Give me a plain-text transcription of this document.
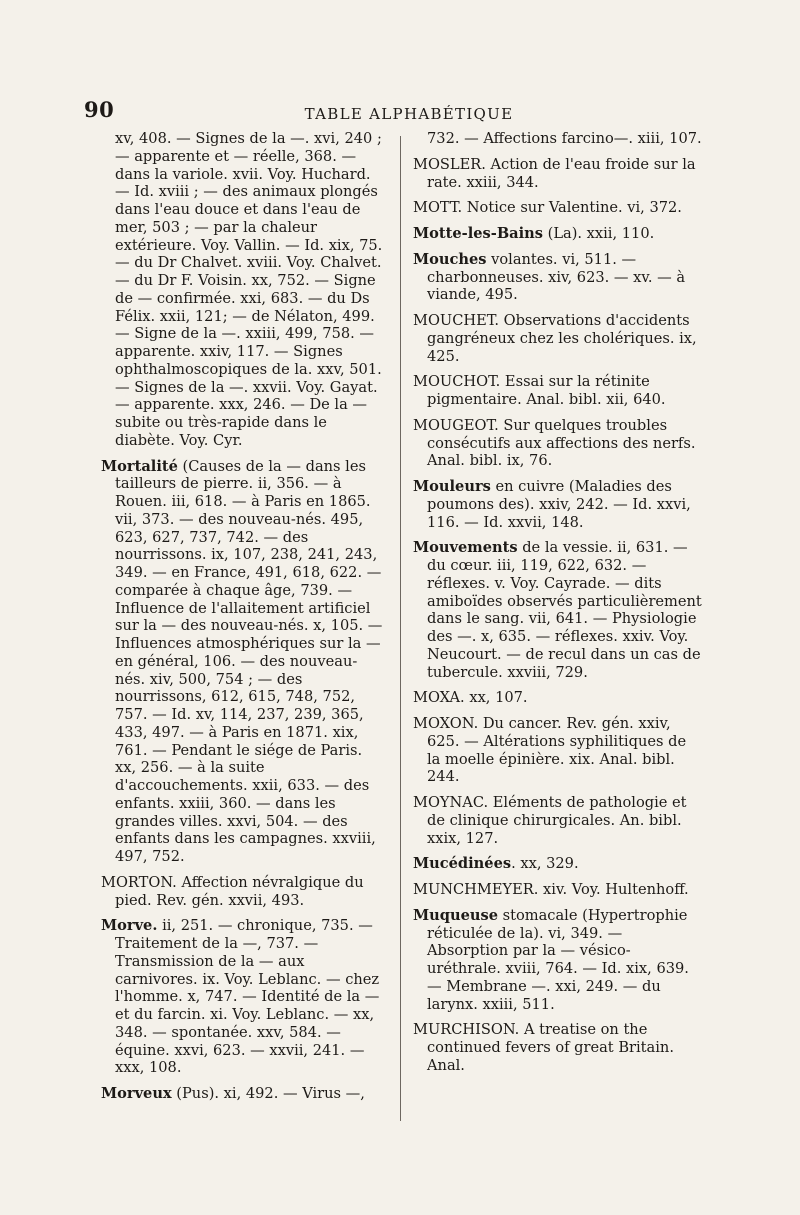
90	TABLE ALPHABÉTIQUE
xv, 408. — Signes de la —. xvi, 240 ; — apparente et — réelle, 368. — dans la variole. xvii. Voy. Huchard. — Id. xviii ; — des animaux plongés dans l'eau douce et dans l'eau de mer, 503 ; — par la chaleur extérieure. Voy. Vallin. — Id. xix, 75. — du Dr Chalvet. xviii. Voy. Chalvet. — du Dr F. Voisin. xx, 752. — Signe de — confirmée. xxi, 683. — du Ds Félix. xxii, 121; — de Nélaton, 499. — Signe de la —. xxiii, 499, 758. — apparente. xxiv, 117. — Signes ophthalmoscopiques de la. xxv, 501. — Signes de la —. xxvii. Voy. Gayat. — apparente. xxx, 246. — De la — subite ou très-rapide dans le diabète. Voy. Cyr.
Mortalité (Causes de la — dans les tailleurs de pierre. ii, 356. — à Rouen. iii, 618. — à Paris en 1865. vii, 373. — des nouveau-nés. 495, 623, 627, 737, 742. — des nourrissons. ix, 107, 238, 241, 243, 349. — en France, 491, 618, 622. — comparée à chaque âge, 739. — Influence de l'allaitement artificiel sur la — des nouveau-nés. x, 105. — Influences atmosphériques sur la — en général, 106. — des nouveau-nés. xiv, 500, 754 ; — des nourrissons, 612, 615, 748, 752, 757. — Id. xv, 114, 237, 239, 365, 433, 497. — à Paris en 1871. xix, 761. — Pendant le siége de Paris. xx, 256. — à la suite d'accouchements. xxii, 633. — des enfants. xxiii, 360. — dans les grandes villes. xxvi, 504. — des enfants dans les campagnes. xxviii, 497, 752.
MORTON. Affection névralgique du pied. Rev. gén. xxvii, 493.
Morve. ii, 251. — chronique, 735. — Traitement de la —, 737. — Transmission de la — aux carnivores. ix. Voy. Leblanc. — chez l'homme. x, 747. — Identité de la — et du farcin. xi. Voy. Leblanc. — xx, 348. — spontanée. xxv, 584. — équine. xxvi, 623. — xxvii, 241. — xxx, 108.
Morveux (Pus). xi, 492. — Virus —,
732. — Affections farcino—. xiii, 107.
MOSLER. Action de l'eau froide sur la rate. xxiii, 344.
MOTT. Notice sur Valentine. vi, 372.
Motte-les-Bains (La). xxii, 110.
Mouches volantes. vi, 511. — charbonneuses. xiv, 623. — xv. — à viande, 495.
MOUCHET. Observations d'accidents gangréneux chez les cholériques. ix, 425.
MOUCHOT. Essai sur la rétinite pigmentaire. Anal. bibl. xii, 640.
MOUGEOT. Sur quelques troubles consécutifs aux affections des nerfs. Anal. bibl. ix, 76.
Mouleurs en cuivre (Maladies des poumons des). xxiv, 242. — Id. xxvi, 116. — Id. xxvii, 148.
Mouvements de la vessie. ii, 631. — du cœur. iii, 119, 622, 632. — réflexes. v. Voy. Cayrade. — dits amiboïdes observés particulièrement dans le sang. vii, 641. — Physiologie des —. x, 635. — réflexes. xxiv. Voy. Neucourt. — de recul dans un cas de tubercule. xxviii, 729.
MOXA. xx, 107.
MOXON. Du cancer. Rev. gén. xxiv, 625. — Altérations syphilitiques de la moelle épinière. xix. Anal. bibl. 244.
MOYNAC. Eléments de pathologie et de clinique chirurgicales. An. bibl. xxix, 127.
Mucédinées. xx, 329.
MUNCHMEYER. xiv. Voy. Hultenhoff.
Muqueuse stomacale (Hypertrophie réticulée de la). vi, 349. — Absorption par la — vésico-uréthrale. xviii, 764. — Id. xix, 639. — Membrane —. xxi, 249. — du larynx. xxiii, 511.
MURCHISON. A treatise on the continued fevers of great Britain. Anal.
